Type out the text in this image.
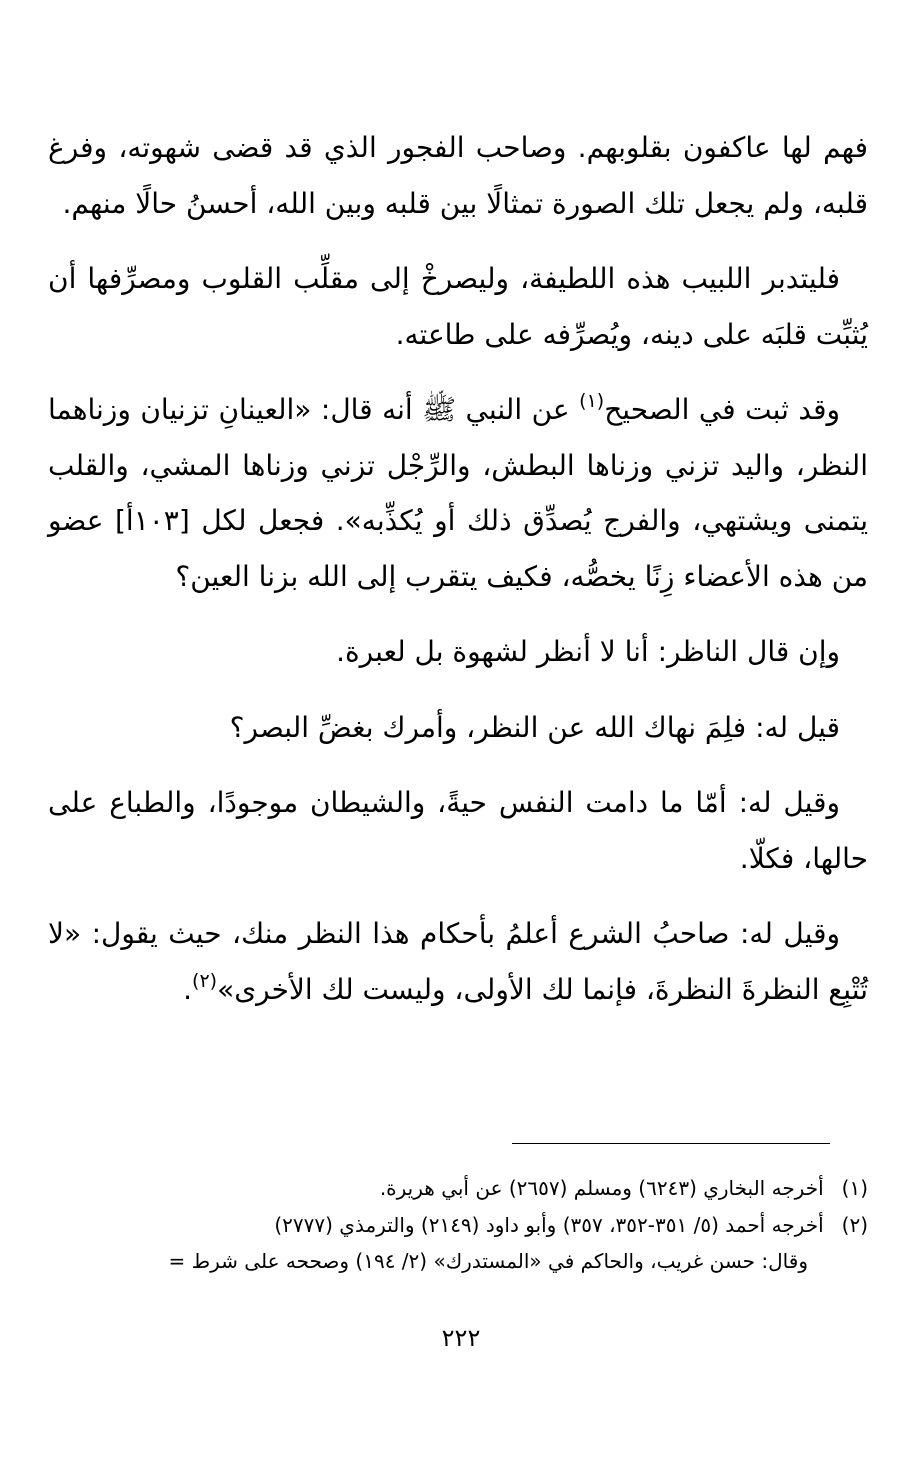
فهم لها عاكفون بقلوبهم. وصاحب الفجور الذي قد قضى شهوته، وفرغ قلبه، ولم يجعل تلك الصورة تمثالًا بين قلبه وبين الله، أحسنُ حالًا منهم.

فليتدبر اللبيب هذه اللطيفة، وليصرخْ إلى مقلِّب القلوب ومصرِّفها أن يُثبِّت قلبَه على دينه، ويُصرِّفه على طاعته.

وقد ثبت في الصحيح$^{(١)}$ عن النبي ﷺ أنه قال: «العينانِ تزنيان وزناهما النظر، واليد تزني وزناها البطش، والرِّجْل تزني وزناها المشي، والقلب يتمنى ويشتهي، والفرج يُصدِّق ذلك أو يُكذِّبه». فجعل لكل [١٠٣أ] عضو من هذه الأعضاء زِنًا يخصُّه، فكيف يتقرب إلى الله بزنا العين؟

وإن قال الناظر: أنا لا أنظر لشهوة بل لعبرة.

قيل له: فلِمَ نهاك الله عن النظر، وأمرك بغضِّ البصر؟

وقيل له: أمّا ما دامت النفس حيةً، والشيطان موجودًا، والطباع على حالها، فكلّا.

وقيل له: صاحبُ الشرع أعلمُ بأحكام هذا النظر منك، حيث يقول: «لا تُتْبِع النظرةَ النظرةَ، فإنما لك الأولى، وليست لك الأخرى»$^{(٢)}$.

(١) أخرجه البخاري (٦٢٤٣) ومسلم (٢٦٥٧) عن أبي هريرة.

(٢) أخرجه أحمد (٥/ ٣٥١-٣٥٢، ٣٥٧) وأبو داود (٢١٤٩) والترمذي (٢٧٧٧)

وقال: حسن غريب، والحاكم في «المستدرك» (٢/ ١٩٤) وصححه على شرط =

٢٢٢
